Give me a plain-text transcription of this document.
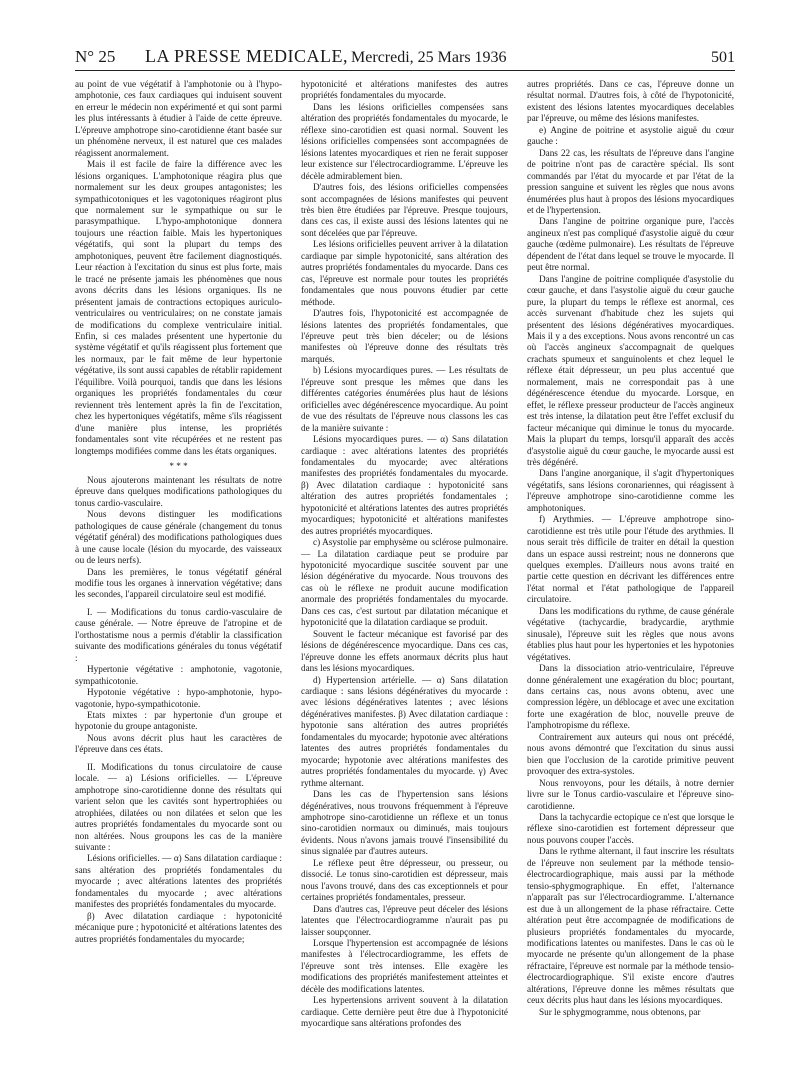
N° 25	LA PRESSE MEDICALE, Mercredi, 25 Mars 1936	501

au point de vue végétatif à l'amphotonie ou à l'hypo-amphotonie, ces faux cardiaques qui induisent souvent en erreur le médecin non expérimenté et qui sont parmi les plus intéressants à étudier à l'aide de cette épreuve. L'épreuve amphotrope sino-carotidienne étant basée sur un phénomène nerveux, il est naturel que ces malades réagissent anormalement.

Mais il est facile de faire la différence avec les lésions organiques. L'amphotonique réagira plus que normalement sur les deux groupes antagonistes; les sympathicotoniques et les vagotoniques réagiront plus que normalement sur le sympathique ou sur le parasympathique. L'hypo-amphotonique donnera toujours une réaction faible. Mais les hypertoniques végétatifs, qui sont la plupart du temps des amphotoniques, peuvent être facilement diagnostiqués. Leur réaction à l'excitation du sinus est plus forte, mais le tracé ne présente jamais les phénomènes que nous avons décrits dans les lésions organiques. Ils ne présentent jamais de contractions ectopiques auriculo-ventriculaires ou ventriculaires; on ne constate jamais de modifications du complexe ventriculaire initial. Enfin, si ces malades présentent une hypertonie du système végétatif et qu'ils réagissent plus fortement que les normaux, par le fait même de leur hypertonie végétative, ils sont aussi capables de rétablir rapidement l'équilibre. Voilà pourquoi, tandis que dans les lésions organiques les propriétés fondamentales du cœur reviennent très lentement après la fin de l'excitation, chez les hypertoniques végétatifs, même s'ils réagissent d'une manière plus intense, les propriétés fondamentales sont vite récupérées et ne restent pas longtemps modifiées comme dans les états organiques.

* * *

Nous ajouterons maintenant les résultats de notre épreuve dans quelques modifications pathologiques du tonus cardio-vasculaire.

Nous devons distinguer les modifications pathologiques de cause générale (changement du tonus végétatif général) des modifications pathologiques dues à une cause locale (lésion du myocarde, des vaisseaux ou de leurs nerfs).

Dans les premières, le tonus végétatif général modifie tous les organes à innervation végétative; dans les secondes, l'appareil circulatoire seul est modifié.

I. — Modifications du tonus cardio-vasculaire de cause générale. — Notre épreuve de l'atropine et de l'orthostatisme nous a permis d'établir la classification suivante des modifications générales du tonus végétatif :

Hypertonie végétative : amphotonie, vagotonie, sympathicotonie.

Hypotonie végétative : hypo-amphotonie, hypo-vagotonie, hypo-sympathicotonie.

Etats mixtes : par hypertonie d'un groupe et hypotonie du groupe antagoniste.

Nous avons décrit plus haut les caractères de l'épreuve dans ces états.

II. Modifications du tonus circulatoire de cause locale. — a) Lésions orificielles. — L'épreuve amphotrope sino-carotidienne donne des résultats qui varient selon que les cavités sont hypertrophiées ou atrophiées, dilatées ou non dilatées et selon que les autres propriétés fondamentales du myocarde sont ou non altérées. Nous groupons les cas de la manière suivante :

Lésions orificielles. — α) Sans dilatation cardiaque : sans altération des propriétés fondamentales du myocarde ; avec altérations latentes des propriétés fondamentales du myocarde ; avec altérations manifestes des propriétés fondamentales du myocarde.

β) Avec dilatation cardiaque : hypotonicité mécanique pure ; hypotonicité et altérations latentes des autres propriétés fondamentales du myocarde;

hypotonicité et altérations manifestes des autres propriétés fondamentales du myocarde.

Dans les lésions orificielles compensées sans altération des propriétés fondamentales du myocarde, le réflexe sino-carotidien est quasi normal. Souvent les lésions orificielles compensées sont accompagnées de lésions latentes myocardiques et rien ne ferait supposer leur existence sur l'électrocardiogramme. L'épreuve les décèle admirablement bien.

D'autres fois, des lésions orificielles compensées sont accompagnées de lésions manifestes qui peuvent très bien être étudiées par l'épreuve. Presque toujours, dans ces cas, il existe aussi des lésions latentes qui ne sont décelées que par l'épreuve.

Les lésions orificielles peuvent arriver à la dilatation cardiaque par simple hypotonicité, sans altération des autres propriétés fondamentales du myocarde. Dans ces cas, l'épreuve est normale pour toutes les propriétés fondamentales que nous pouvons étudier par cette méthode.

D'autres fois, l'hypotonicité est accompagnée de lésions latentes des propriétés fondamentales, que l'épreuve peut très bien déceler; ou de lésions manifestes où l'épreuve donne des résultats très marqués.

b) Lésions myocardiques pures. — Les résultats de l'épreuve sont presque les mêmes que dans les différentes catégories énumérées plus haut de lésions orificielles avec dégénérescence myocardique. Au point de vue des résultats de l'épreuve nous classons les cas de la manière suivante :

Lésions myocardiques pures. — α) Sans dilatation cardiaque : avec altérations latentes des propriétés fondamentales du myocarde; avec altérations manifestes des propriétés fondamentales du myocarde. β) Avec dilatation cardiaque : hypotonicité sans altération des autres propriétés fondamentales ; hypotonicité et altérations latentes des autres propriétés myocardiques; hypotonicité et altérations manifestes des autres propriétés myocardiques.

c) Asystolie par emphysème ou sclérose pulmonaire. — La dilatation cardiaque peut se produire par hypotonicité myocardique suscitée souvent par une lésion dégénérative du myocarde. Nous trouvons des cas où le réflexe ne produit aucune modification anormale des propriétés fondamentales du myocarde. Dans ces cas, c'est surtout par dilatation mécanique et hypotonicité que la dilatation cardiaque se produit.

Souvent le facteur mécanique est favorisé par des lésions de dégénérescence myocardique. Dans ces cas, l'épreuve donne les effets anormaux décrits plus haut dans les lésions myocardiques.

d) Hypertension artérielle. — α) Sans dilatation cardiaque : sans lésions dégénératives du myocarde : avec lésions dégénératives latentes ; avec lésions dégénératives manifestes. β) Avec dilatation cardiaque : hypotonie sans altération des autres propriétés fondamentales du myocarde; hypotonie avec altérations latentes des autres propriétés fondamentales du myocarde; hypotonie avec altérations manifestes des autres propriétés fondamentales du myocarde. γ) Avec rythme alternant.

Dans les cas de l'hypertension sans lésions dégénératives, nous trouvons fréquemment à l'épreuve amphotrope sino-carotidienne un réflexe et un tonus sino-carotidien normaux ou diminués, mais toujours évidents. Nous n'avons jamais trouvé l'insensibilité du sinus signalée par d'autres auteurs.

Le réflexe peut être dépresseur, ou presseur, ou dissocié. Le tonus sino-carotidien est dépresseur, mais nous l'avons trouvé, dans des cas exceptionnels et pour certaines propriétés fondamentales, presseur.

Dans d'autres cas, l'épreuve peut déceler des lésions latentes que l'électrocardiogramme n'aurait pas pu laisser soupçonner.

Lorsque l'hypertension est accompagnée de lésions manifestes à l'électrocardiogramme, les effets de l'épreuve sont très intenses. Elle exagère les modifications des propriétés manifestement atteintes et décèle des modifications latentes.

Les hypertensions arrivent souvent à la dilatation cardiaque. Cette dernière peut être due à l'hypotonicité myocardique sans altérations profondes des

autres propriétés. Dans ce cas, l'épreuve donne un résultat normal. D'autres fois, à côté de l'hypotonicité, existent des lésions latentes myocardiques decelables par l'épreuve, ou même des lésions manifestes.

e) Angine de poitrine et asystolie aiguë du cœur gauche :

Dans 22 cas, les résultats de l'épreuve dans l'angine de poitrine n'ont pas de caractère spécial. Ils sont commandés par l'état du myocarde et par l'état de la pression sanguine et suivent les règles que nous avons énumérées plus haut à propos des lésions myocardiques et de l'hypertension.

Dans l'angine de poitrine organique pure, l'accès angineux n'est pas compliqué d'asystolie aiguë du cœur gauche (œdème pulmonaire). Les résultats de l'épreuve dépendent de l'état dans lequel se trouve le myocarde. Il peut être normal.

Dans l'angine de poitrine compliquée d'asystolie du cœur gauche, et dans l'asystolie aiguë du cœur gauche pure, la plupart du temps le réflexe est anormal, ces accès survenant d'habitude chez les sujets qui présentent des lésions dégénératives myocardiques. Mais il y a des exceptions. Nous avons rencontré un cas où l'accès angineux s'accompagnait de quelques crachats spumeux et sanguinolents et chez lequel le réflexe était dépresseur, un peu plus accentué que normalement, mais ne correspondait pas à une dégénérescence étendue du myocarde. Lorsque, en effet, le réflexe presseur producteur de l'accès angineux est très intense, la dilatation peut être l'effet exclusif du facteur mécanique qui diminue le tonus du myocarde. Mais la plupart du temps, lorsqu'il apparaît des accès d'asystolie aiguë du cœur gauche, le myocarde aussi est très dégénéré.

Dans l'angine anorganique, il s'agit d'hypertoniques végétatifs, sans lésions coronariennes, qui réagissent à l'épreuve amphotrope sino-carotidienne comme les amphotoniques.

f) Arythmies. — L'épreuve amphotrope sino-carotidienne est très utile pour l'étude des arythmies. Il nous serait très difficile de traiter en détail la question dans un espace aussi restreint; nous ne donnerons que quelques exemples. D'ailleurs nous avons traité en partie cette question en décrivant les différences entre l'état normal et l'état pathologique de l'appareil circulatoire.

Dans les modifications du rythme, de cause générale végétative (tachycardie, bradycardie, arythmie sinusale), l'épreuve suit les règles que nous avons établies plus haut pour les hypertonies et les hypotonies végétatives.

Dans la dissociation atrio-ventriculaire, l'épreuve donne généralement une exagération du bloc; pourtant, dans certains cas, nous avons obtenu, avec une compression légère, un déblocage et avec une excitation forte une exagération de bloc, nouvelle preuve de l'amphotropisme du réflexe.

Contrairement aux auteurs qui nous ont précédé, nous avons démontré que l'excitation du sinus aussi bien que l'occlusion de la carotide primitive peuvent provoquer des extra-systoles.

Nous renvoyons, pour les détails, à notre dernier livre sur le Tonus cardio-vasculaire et l'épreuve sino-carotidienne.

Dans la tachycardie ectopique ce n'est que lorsque le réflexe sino-carotidien est fortement dépresseur que nous pouvons couper l'accès.

Dans le rythme alternant, il faut inscrire les résultats de l'épreuve non seulement par la méthode tensio-électrocardiographique, mais aussi par la méthode tensio-sphygmographique. En effet, l'alternance n'apparaît pas sur l'électrocardiogramme. L'alternance est due à un allongement de la phase réfractaire. Cette altération peut être accompagnée de modifications de plusieurs propriétés fondamentales du myocarde, modifications latentes ou manifestes. Dans le cas où le myocarde ne présente qu'un allongement de la phase réfractaire, l'épreuve est normale par la méthode tensio-électrocardiographique. S'il existe encore d'autres altérations, l'épreuve donne les mêmes résultats que ceux décrits plus haut dans les lésions myocardiques.

Sur le sphygmogramme, nous obtenons, par
